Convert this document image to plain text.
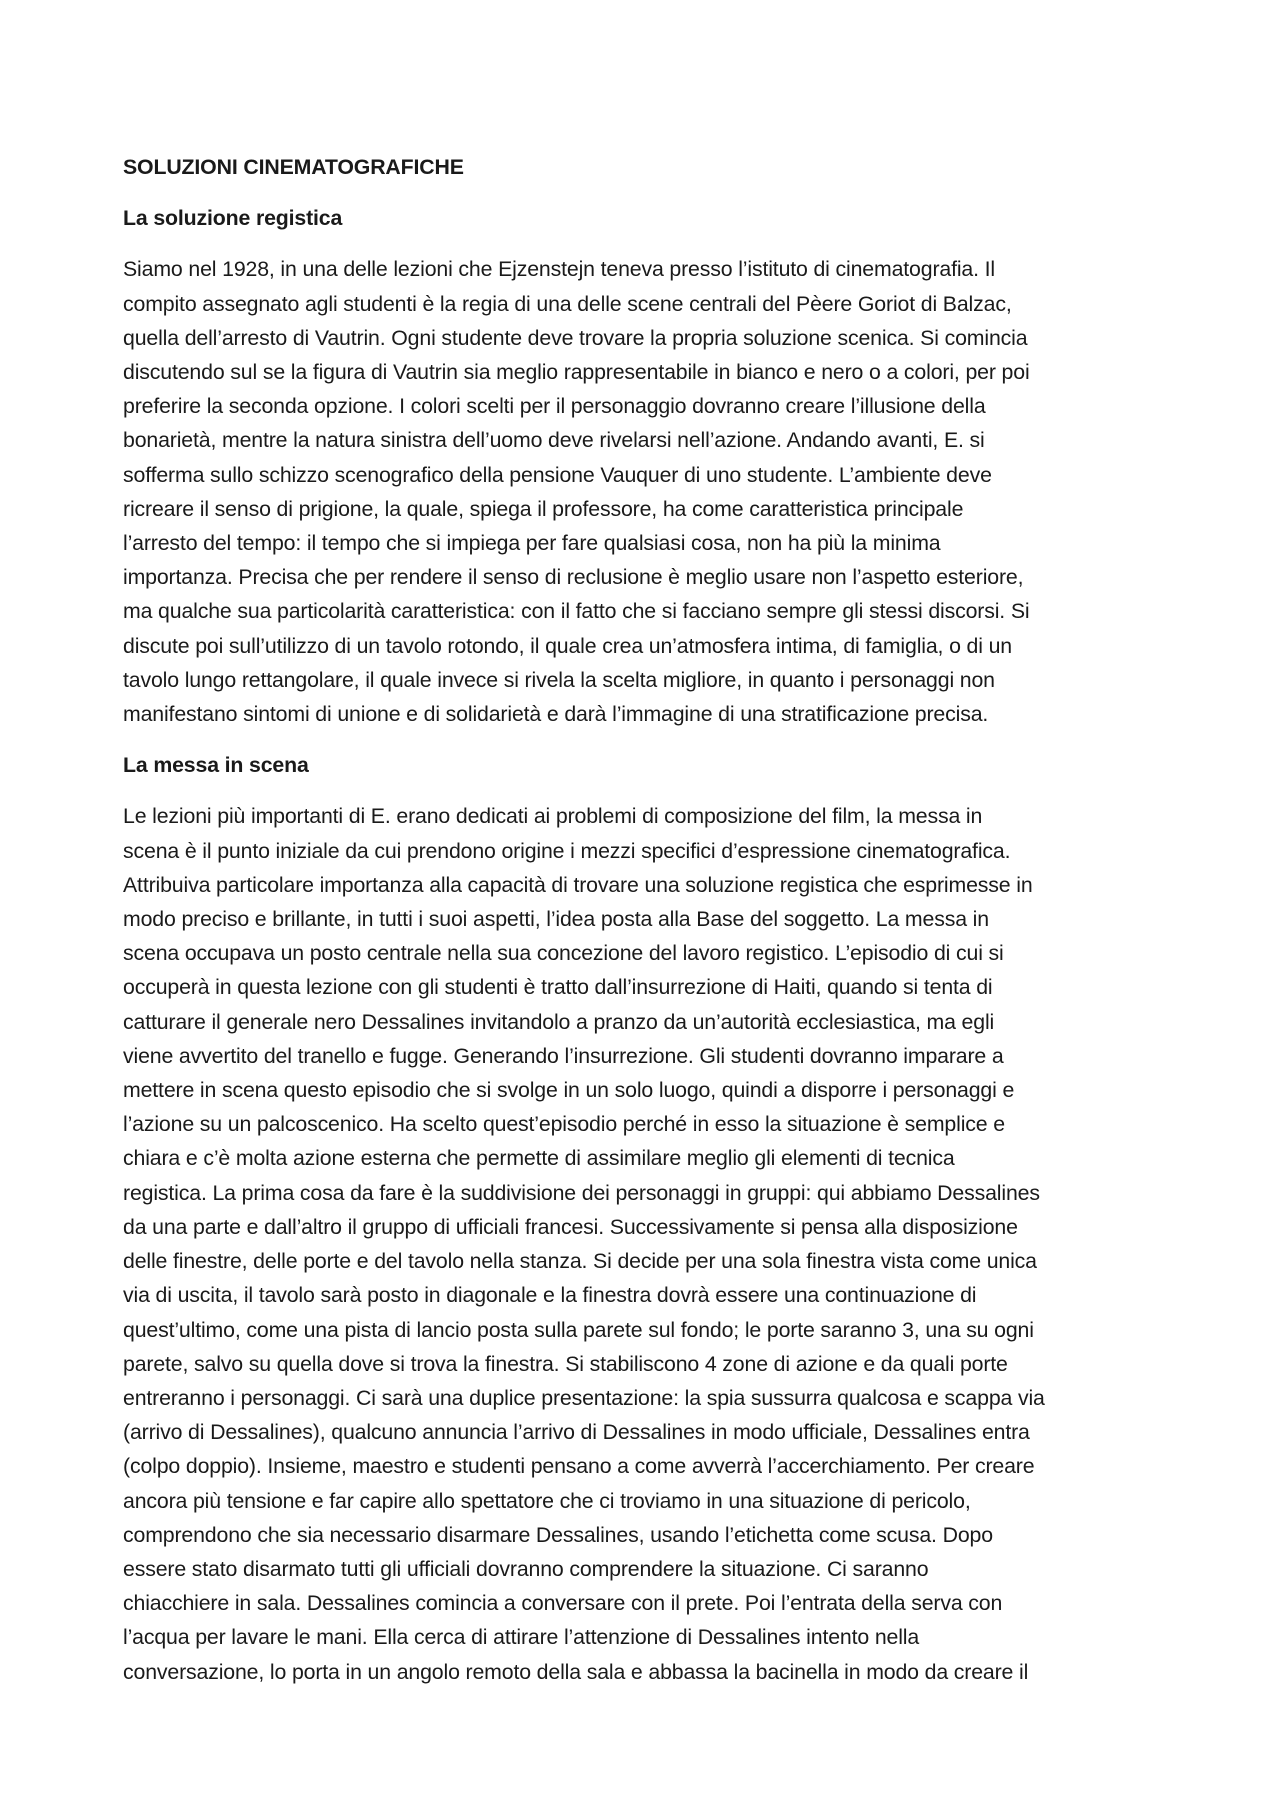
SOLUZIONI CINEMATOGRAFICHE
La soluzione registica
Siamo nel 1928, in una delle lezioni che Ejzenstejn teneva presso l’istituto di cinematografia. Il
compito assegnato agli studenti è la regia di una delle scene centrali del Pèere Goriot di Balzac,
quella dell’arresto di Vautrin. Ogni studente deve trovare la propria soluzione scenica. Si comincia
discutendo sul se la figura di Vautrin sia meglio rappresentabile in bianco e nero o a colori, per poi
preferire la seconda opzione. I colori scelti per il personaggio dovranno creare l’illusione della
bonarietà, mentre la natura sinistra dell’uomo deve rivelarsi nell’azione. Andando avanti, E. si
sofferma sullo schizzo scenografico della pensione Vauquer di uno studente. L’ambiente deve
ricreare il senso di prigione, la quale, spiega il professore, ha come caratteristica principale
l’arresto del tempo: il tempo che si impiega per fare qualsiasi cosa, non ha più la minima
importanza. Precisa che per rendere il senso di reclusione è meglio usare non l’aspetto esteriore,
ma qualche sua particolarità caratteristica: con il fatto che si facciano sempre gli stessi discorsi. Si
discute poi sull’utilizzo di un tavolo rotondo, il quale crea un’atmosfera intima, di famiglia, o di un
tavolo lungo rettangolare, il quale invece si rivela la scelta migliore, in quanto i personaggi non
manifestano sintomi di unione e di solidarietà e darà l’immagine di una stratificazione precisa.
La messa in scena
Le lezioni più importanti di E. erano dedicati ai problemi di composizione del film, la messa in
scena è il punto iniziale da cui prendono origine i mezzi specifici d’espressione cinematografica.
Attribuiva particolare importanza alla capacità di trovare una soluzione registica che esprimesse in
modo preciso e brillante, in tutti i suoi aspetti, l’idea posta alla Base del soggetto. La messa in
scena occupava un posto centrale nella sua concezione del lavoro registico. L’episodio di cui si
occuperà in questa lezione con gli studenti è tratto dall’insurrezione di Haiti, quando si tenta di
catturare il generale nero Dessalines invitandolo a pranzo da un’autorità ecclesiastica, ma egli
viene avvertito del tranello e fugge. Generando l’insurrezione. Gli studenti dovranno imparare a
mettere in scena questo episodio che si svolge in un solo luogo, quindi a disporre i personaggi e
l’azione su un palcoscenico. Ha scelto quest’episodio perché in esso la situazione è semplice e
chiara e c’è molta azione esterna che permette di assimilare meglio gli elementi di tecnica
registica. La prima cosa da fare è la suddivisione dei personaggi in gruppi: qui abbiamo Dessalines
da una parte e dall’altro il gruppo di ufficiali francesi. Successivamente si pensa alla disposizione
delle finestre, delle porte e del tavolo nella stanza. Si decide per una sola finestra vista come unica
via di uscita, il tavolo sarà posto in diagonale e la finestra dovrà essere una continuazione di
quest’ultimo, come una pista di lancio posta sulla parete sul fondo; le porte saranno 3, una su ogni
parete, salvo su quella dove si trova la finestra. Si stabiliscono 4 zone di azione e da quali porte
entreranno i personaggi. Ci sarà una duplice presentazione: la spia sussurra qualcosa e scappa via
(arrivo di Dessalines), qualcuno annuncia l’arrivo di Dessalines in modo ufficiale, Dessalines entra
(colpo doppio). Insieme, maestro e studenti pensano a come avverrà l’accerchiamento. Per creare
ancora più tensione e far capire allo spettatore che ci troviamo in una situazione di pericolo,
comprendono che sia necessario disarmare Dessalines, usando l’etichetta come scusa. Dopo
essere stato disarmato tutti gli ufficiali dovranno comprendere la situazione. Ci saranno
chiacchiere in sala. Dessalines comincia a conversare con il prete. Poi l’entrata della serva con
l’acqua per lavare le mani. Ella cerca di attirare l’attenzione di Dessalines intento nella
conversazione, lo porta in un angolo remoto della sala e abbassa la bacinella in modo da creare il
